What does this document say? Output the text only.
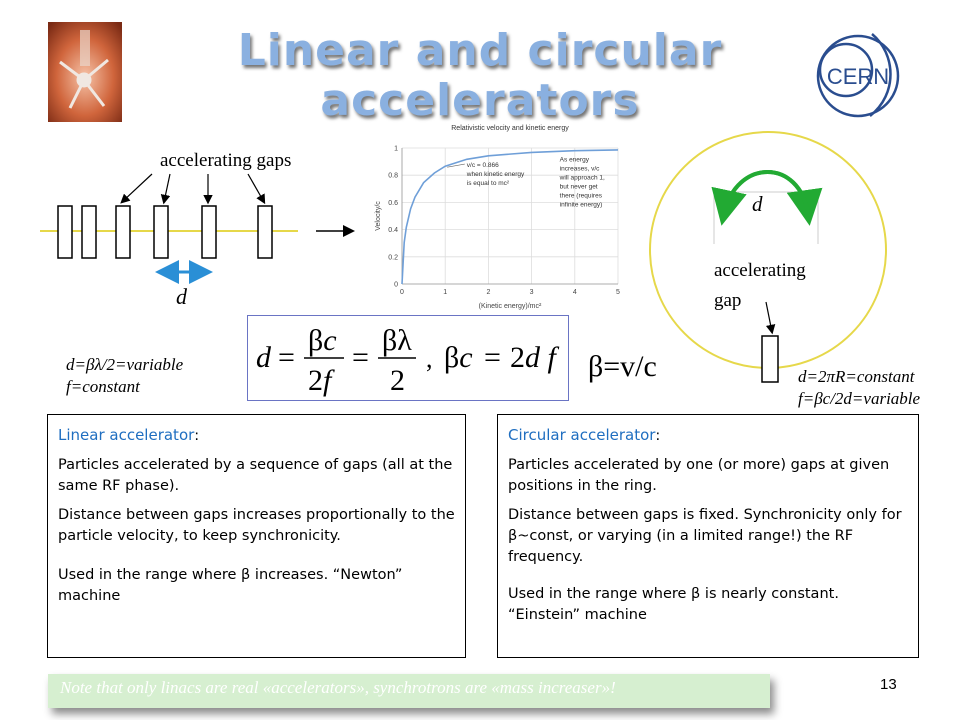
Linear and circular
accelerators	CERN
accelerating gaps
d
Relativistic velocity and kinetic energy
0
0.2
0.4
0.6
0.8
1
0	1	2	3	4	5
(Kinetic energy)/mc²
Velocity/c
v/c = 0.866
when kinetic energy
is equal to mc²
As energy
increases, v/c
will approach 1,
but never get
there (requires
infinite energy)
d =
βc
2f
=
βλ
2
, βc = 2d f β=v/c
d=βλ/2=variable
f=constant
d
accelerating
gap
d=2πR=constant
f=βc/2d=variable

Linear accelerator:

Particles accelerated by a sequence of gaps (all at the same RF phase).

Distance between gaps increases proportionally to the particle velocity, to keep synchronicity.

Used in the range where β increases. “Newton” machine

Circular accelerator:

Particles accelerated by one (or more) gaps at given positions in the ring.

Distance between gaps is fixed. Synchronicity only for β~const, or varying (in a limited range!) the RF frequency.

Used in the range where β is nearly constant. “Einstein” machine

Note that only linacs are real «accelerators», synchrotrons are «mass increaser»!	13
